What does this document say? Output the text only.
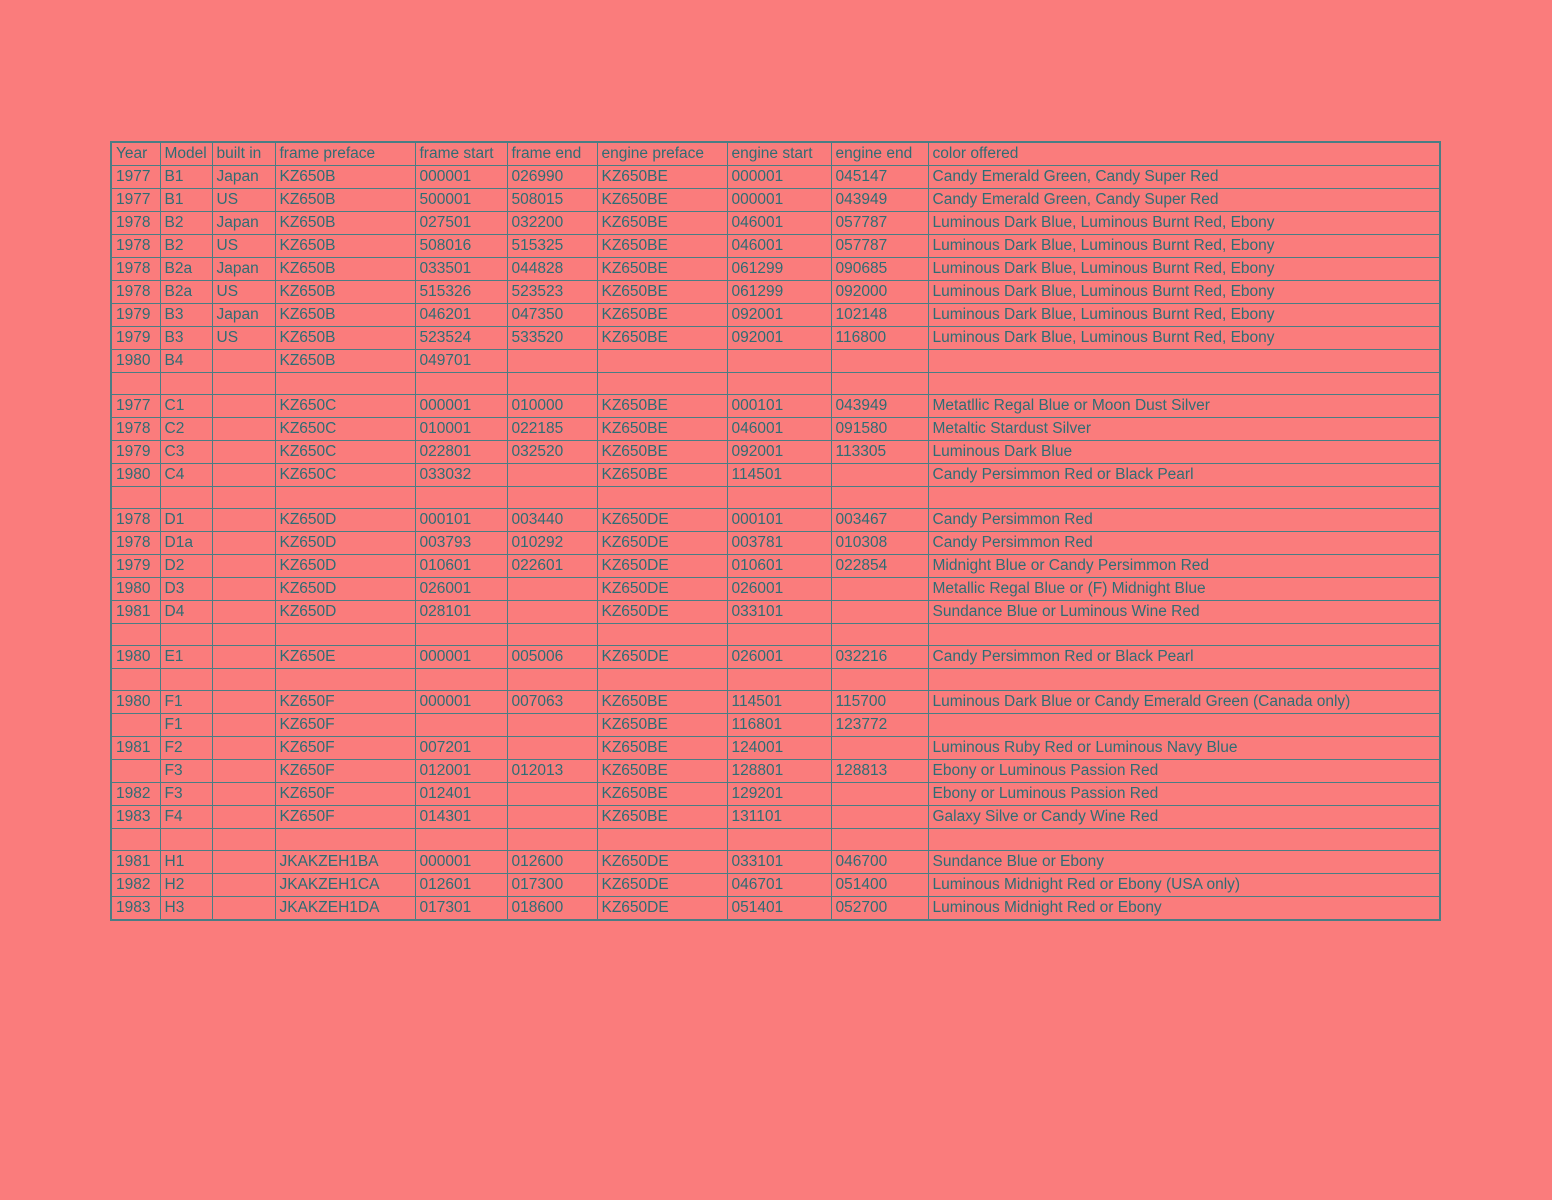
Year	Model	built in	frame preface	frame start	frame end	engine preface	engine start	engine end	color offered
1977	B1	Japan	KZ650B	000001	026990	KZ650BE	000001	045147	Candy Emerald Green, Candy Super Red
1977	B1	US	KZ650B	500001	508015	KZ650BE	000001	043949	Candy Emerald Green, Candy Super Red
1978	B2	Japan	KZ650B	027501	032200	KZ650BE	046001	057787	Luminous Dark Blue, Luminous Burnt Red, Ebony
1978	B2	US	KZ650B	508016	515325	KZ650BE	046001	057787	Luminous Dark Blue, Luminous Burnt Red, Ebony
1978	B2a	Japan	KZ650B	033501	044828	KZ650BE	061299	090685	Luminous Dark Blue, Luminous Burnt Red, Ebony
1978	B2a	US	KZ650B	515326	523523	KZ650BE	061299	092000	Luminous Dark Blue, Luminous Burnt Red, Ebony
1979	B3	Japan	KZ650B	046201	047350	KZ650BE	092001	102148	Luminous Dark Blue, Luminous Burnt Red, Ebony
1979	B3	US	KZ650B	523524	533520	KZ650BE	092001	116800	Luminous Dark Blue, Luminous Burnt Red, Ebony
1980	B4		KZ650B	049701					

1977	C1		KZ650C	000001	010000	KZ650BE	000101	043949	Metatllic Regal Blue or Moon Dust Silver
1978	C2		KZ650C	010001	022185	KZ650BE	046001	091580	Metaltic Stardust Silver
1979	C3		KZ650C	022801	032520	KZ650BE	092001	113305	Luminous Dark Blue
1980	C4		KZ650C	033032		KZ650BE	114501		Candy Persimmon Red or Black Pearl

1978	D1		KZ650D	000101	003440	KZ650DE	000101	003467	Candy Persimmon Red
1978	D1a		KZ650D	003793	010292	KZ650DE	003781	010308	Candy Persimmon Red
1979	D2		KZ650D	010601	022601	KZ650DE	010601	022854	Midnight Blue or Candy Persimmon Red
1980	D3		KZ650D	026001		KZ650DE	026001		Metallic Regal Blue or (F) Midnight Blue
1981	D4		KZ650D	028101		KZ650DE	033101		Sundance Blue or Luminous Wine Red

1980	E1		KZ650E	000001	005006	KZ650DE	026001	032216	Candy Persimmon Red or Black Pearl

1980	F1		KZ650F	000001	007063	KZ650BE	114501	115700	Luminous Dark Blue or Candy Emerald Green (Canada only)
	F1		KZ650F			KZ650BE	116801	123772	
1981	F2		KZ650F	007201		KZ650BE	124001		Luminous Ruby Red or Luminous Navy Blue
	F3		KZ650F	012001	012013	KZ650BE	128801	128813	Ebony or Luminous Passion Red
1982	F3		KZ650F	012401		KZ650BE	129201		Ebony or Luminous Passion Red
1983	F4		KZ650F	014301		KZ650BE	131101		Galaxy Silve or Candy Wine Red

1981	H1		JKAKZEH1BA	000001	012600	KZ650DE	033101	046700	Sundance Blue or Ebony
1982	H2		JKAKZEH1CA	012601	017300	KZ650DE	046701	051400	Luminous Midnight Red or Ebony (USA only)
1983	H3		JKAKZEH1DA	017301	018600	KZ650DE	051401	052700	Luminous Midnight Red or Ebony
